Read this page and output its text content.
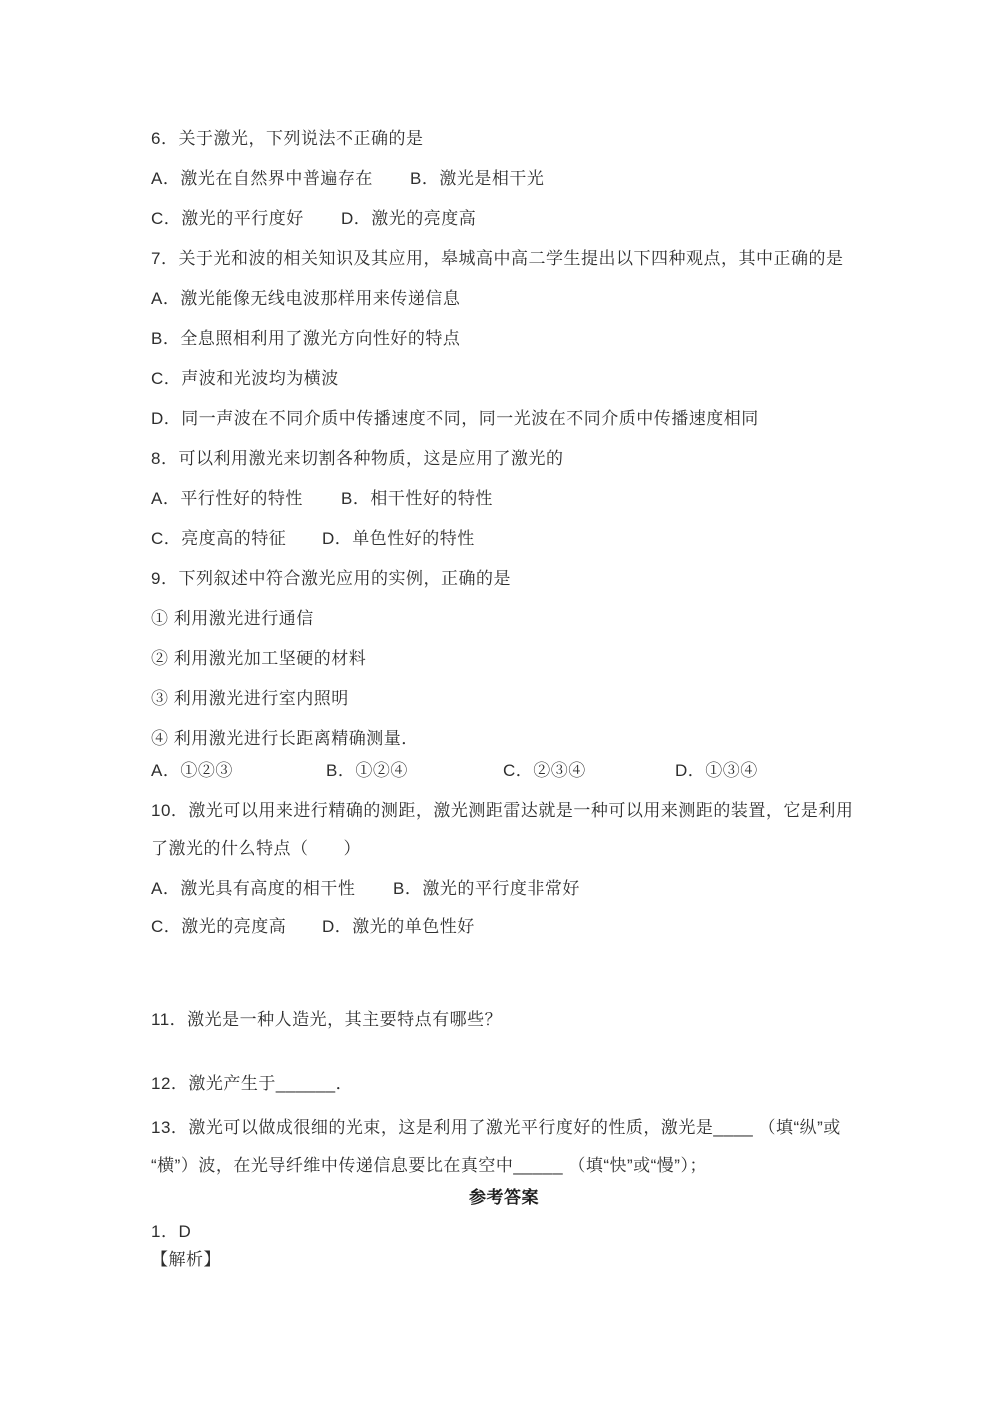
6．关于激光，下列说法不正确的是
A．激光在自然界中普遍存在 B．激光是相干光
C．激光的平行度好 D．激光的亮度高
7．关于光和波的相关知识及其应用，皋城高中高二学生提出以下四种观点，其中正确的是
A．激光能像无线电波那样用来传递信息
B．全息照相利用了激光方向性好的特点
C．声波和光波均为横波
D．同一声波在不同介质中传播速度不同，同一光波在不同介质中传播速度相同
8．可以利用激光来切割各种物质，这是应用了激光的
A．平行性好的特性 B．相干性好的特性
C．亮度高的特征 D．单色性好的特性
9．下列叙述中符合激光应用的实例，正确的是
① 利用激光进行通信
② 利用激光加工坚硬的材料
③ 利用激光进行室内照明
④ 利用激光进行长距离精确测量．
A．①②③	B．①②④	C．②③④	D．①③④
10．激光可以用来进行精确的测距，激光测距雷达就是一种可以用来测距的装置，它是利用
了激光的什么特点（　　）
A．激光具有高度的相干性 B．激光的平行度非常好
C．激光的亮度高 D．激光的单色性好
11．激光是一种人造光，其主要特点有哪些？
12．激光产生于______．
13．激光可以做成很细的光束，这是利用了激光平行度好的性质，激光是____ （填“纵”或
“横”）波，在光导纤维中传递信息要比在真空中_____ （填“快”或“慢”）；
参考答案
1．D
【解析】
